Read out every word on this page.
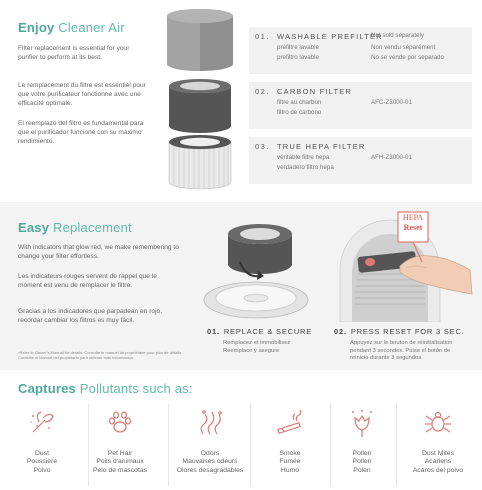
Enjoy Cleaner Air
Filter replacement is essential for your purifier to perform at its best.
Le remplacement du filtre est essentiel pour que votre purificateur fonctionne avec une efficacité optimale.
El reemplazo del filtro es fundamental para que el purificador funcione con su máximo rendimiento.
01. WASHABLE PREFILTER
préfiltre lavable
prefiltro lavable
Not sold separately
Non vendu séparément
No se vende por separado
02. CARBON FILTER
filtre au charbon
filtro de carbono
AFC-Z3000-01
03. TRUE HEPA FILTER
véritable filtre hepa
verdadero filtro hepa
AFH-Z3000-01
Easy Replacement
With indicators that glow red, we make remembering to change your filter effortless.
Les indicateurs rouges servent de rappel que le moment est venu de remplacer le filtre.
Gracias a los indicadores que parpadean en rojo, recordar cambiar los filtros es muy fácil.
*Refer to Owner's Manual for details. Consulte le manuel du propriétaire pour plus de détails. Consulte el Manual del propietario para obtener más información.
HEPA
Reset
01. REPLACE & SECURE
Remplacez et immobilisez
Reemplace y asegure
02. PRESS RESET FOR 3 SEC.
Appuyez sur le bouton de réinitialisation
pendant 3 secondes. Pulse el botón de
reinicio durante 3 segundos.
Captures Pollutants such as:
Dust
Poussière
Polvo
Pet Hair
Poils d'animaux
Pelo de mascotas
Odors
Mauvaises odeurs
Olores desagradables
Smoke
Fumée
Humo
Pollen
Pollen
Polen
Dust Mites
Acariens
Acaros del polvo
